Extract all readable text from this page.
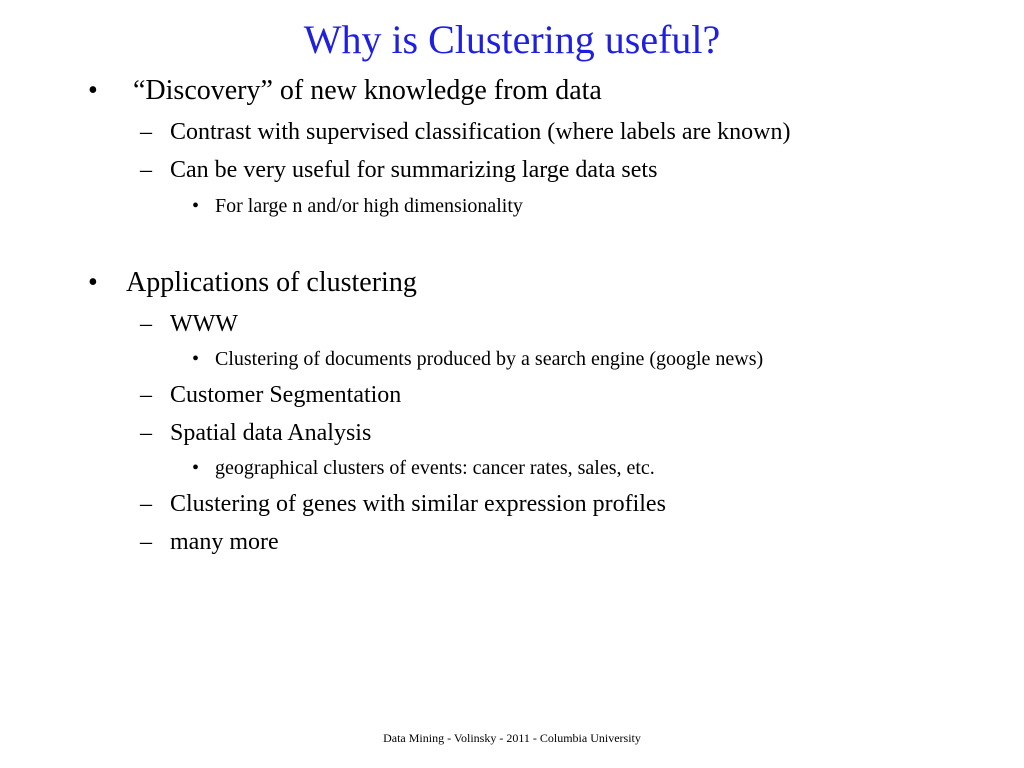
Why is Clustering useful?
• “Discovery” of new knowledge from data
– Contrast with supervised classification (where labels are known)
– Can be very useful for summarizing large data sets
• For large n and/or high dimensionality
• Applications of clustering
– WWW
• Clustering of documents produced by a search engine (google news)
– Customer Segmentation
– Spatial data Analysis
• geographical clusters of events: cancer rates, sales, etc.
– Clustering of genes with similar expression profiles
– many more
Data Mining - Volinsky - 2011 - Columbia University
